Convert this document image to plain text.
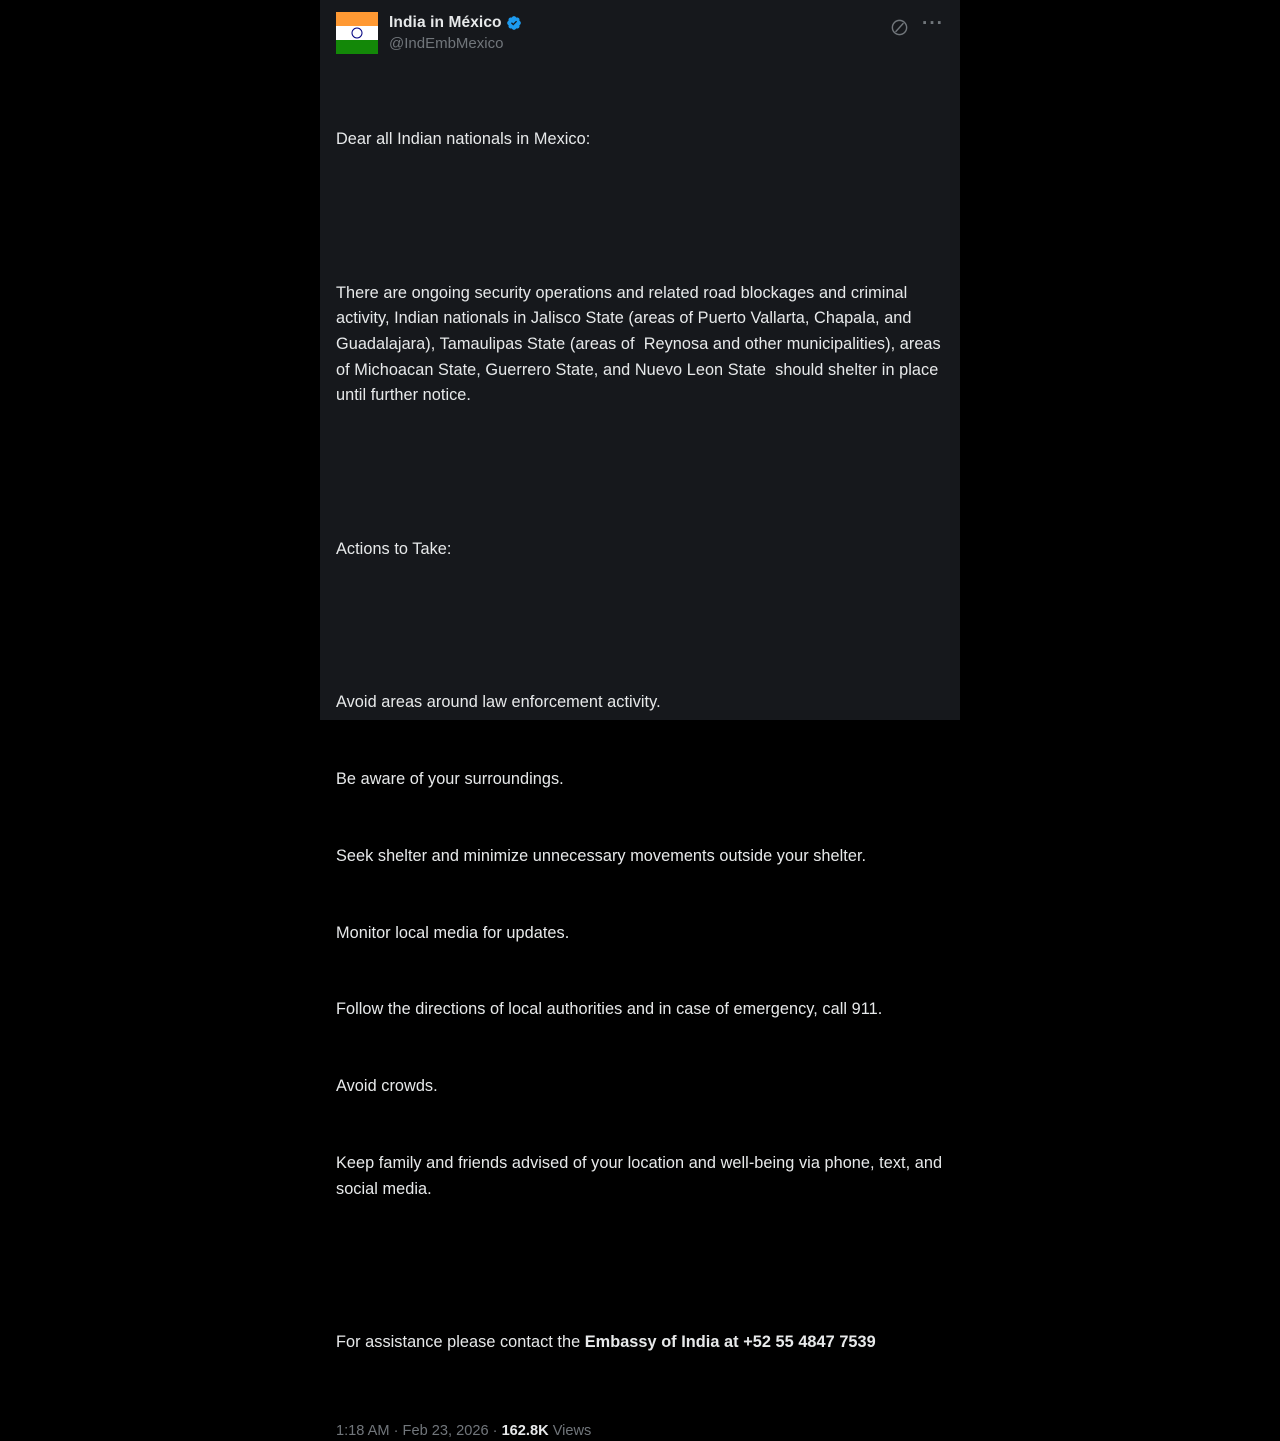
India in México
@IndEmbMexico
···

Dear all Indian nationals in Mexico:

There are ongoing security operations and related road blockages and criminal activity, Indian nationals in Jalisco State (areas of Puerto Vallarta, Chapala, and Guadalajara), Tamaulipas State (areas of  Reynosa and other municipalities), areas of Michoacan State, Guerrero State, and Nuevo Leon State  should shelter in place until further notice.

Actions to Take:

Avoid areas around law enforcement activity.

Be aware of your surroundings.

Seek shelter and minimize unnecessary movements outside your shelter.

Monitor local media for updates.

Follow the directions of local authorities and in case of emergency, call 911.

Avoid crowds.

Keep family and friends advised of your location and well-being via phone, text, and social media.

For assistance please contact the Embassy of India at +52 55 4847 7539

1:18 AM · Feb 23, 2026 · 162.8K Views
